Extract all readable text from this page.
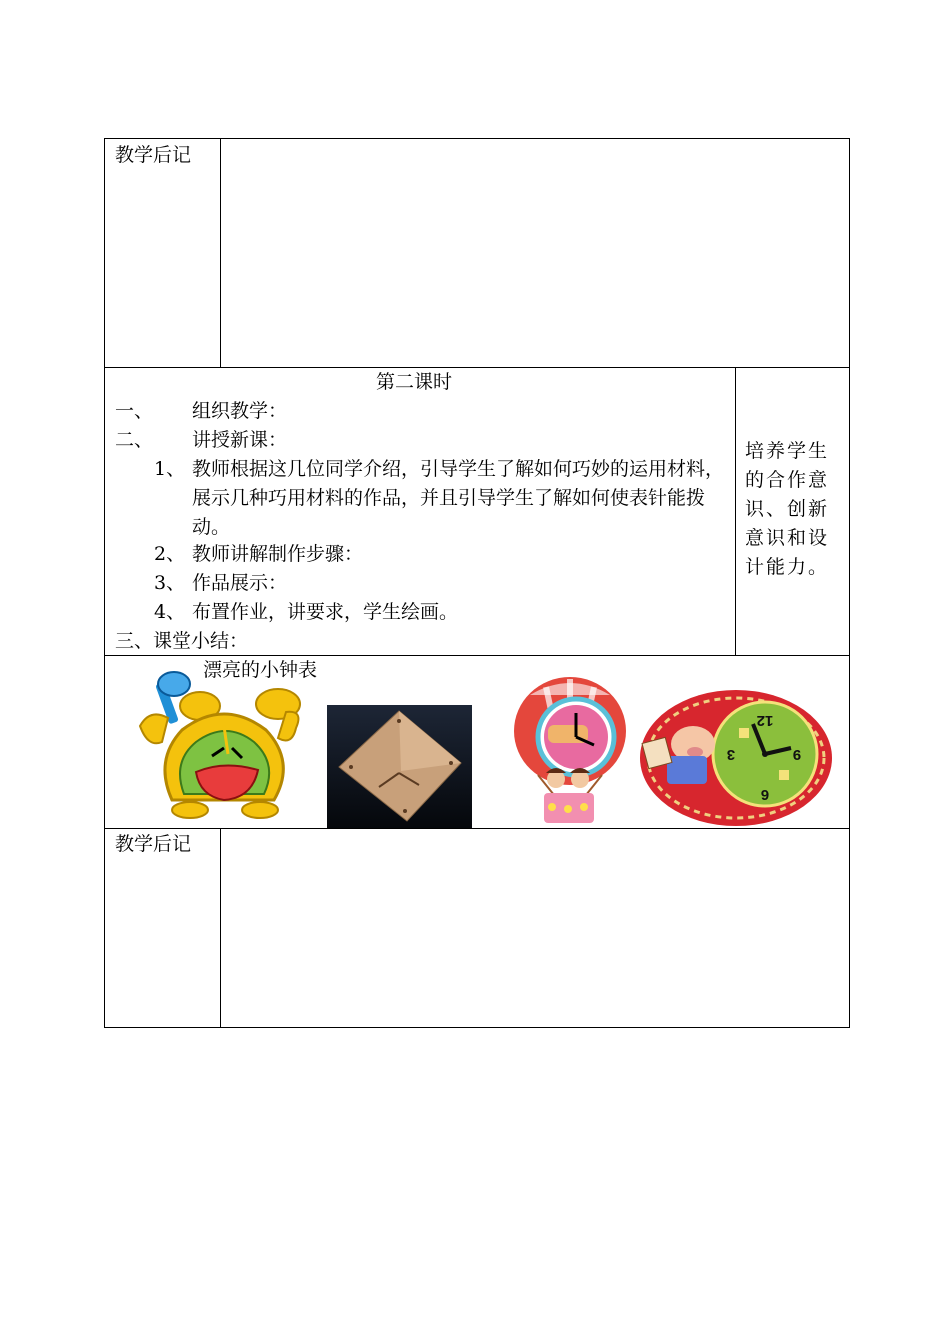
教学后记
第二课时
一、 组织教学：
二、 讲授新课：
1、 教师根据这几位同学介绍，引导学生了解如何巧妙的运用材料，展示几种巧用材料的作品，并且引导学生了解如何使表针能拨动。
2、 教师讲解制作步骤：
3、 作品展示：
4、 布置作业，讲要求，学生绘画。
三、课堂小结：
培养学生的合作意识、创新意识和设计能力。
漂亮的小钟表
12
9
6
3
教学后记
